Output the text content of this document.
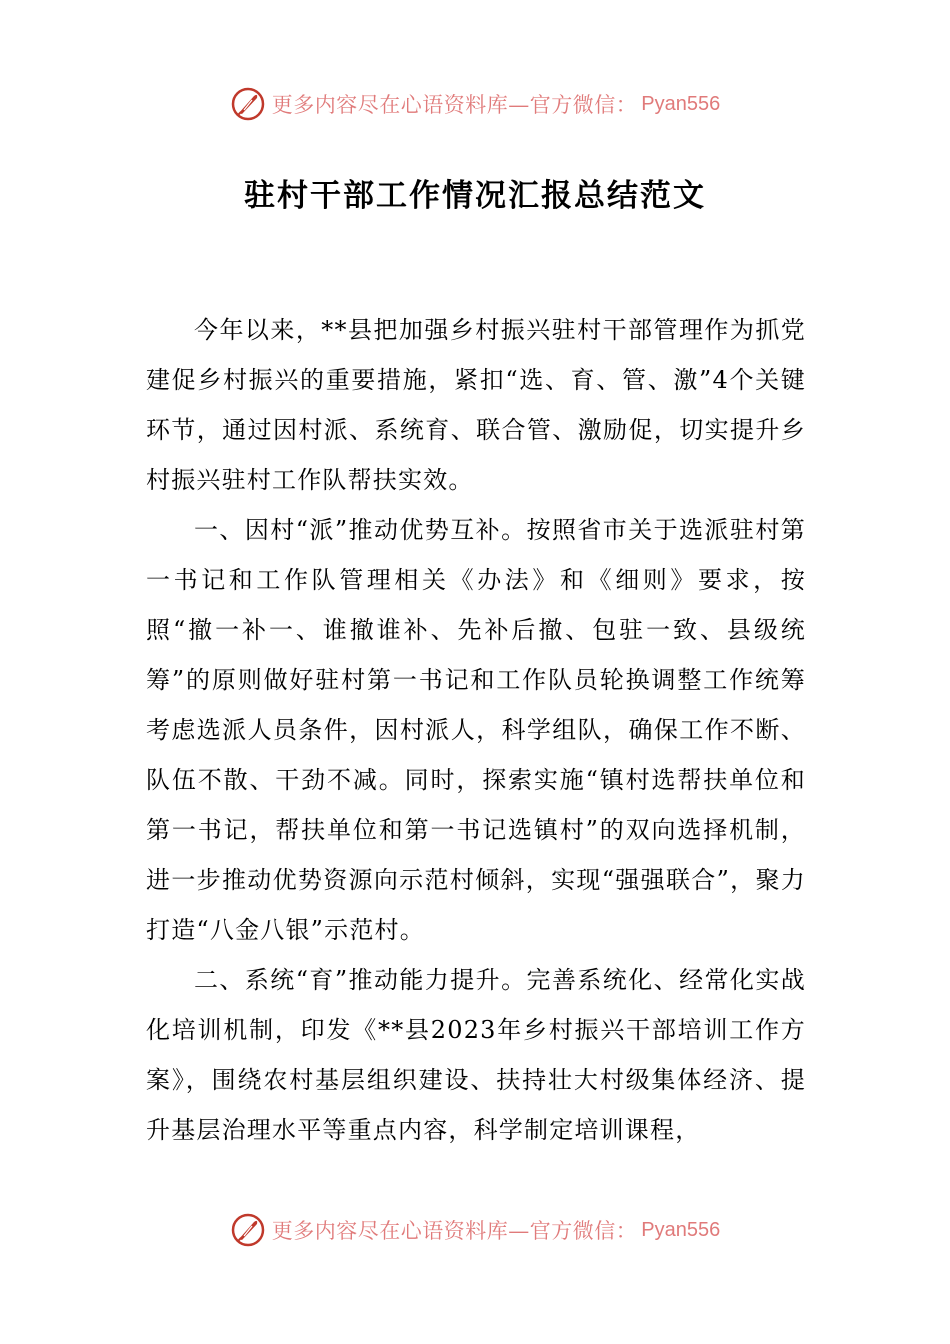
更多内容尽在心语资料库—官方微信： Pyan556
驻村干部工作情况汇报总结范文

今年以来，**县把加强乡村振兴驻村干部管理作为抓党建促乡村振兴的重要措施，紧扣“选、育、管、激”4个关键环节，通过因村派、系统育、联合管、激励促，切实提升乡村振兴驻村工作队帮扶实效。

一、因村“派”推动优势互补。按照省市关于选派驻村第一书记和工作队管理相关《办法》和《细则》要求，按照“撤一补一、谁撤谁补、先补后撤、包驻一致、县级统筹”的原则做好驻村第一书记和工作队员轮换调整工作统筹考虑选派人员条件，因村派人，科学组队，确保工作不断、队伍不散、干劲不减。同时，探索实施“镇村选帮扶单位和第一书记，帮扶单位和第一书记选镇村”的双向选择机制，进一步推动优势资源向示范村倾斜，实现“强强联合”，聚力打造“八金八银”示范村。

二、系统“育”推动能力提升。完善系统化、经常化实战化培训机制，印发《**县2023年乡村振兴干部培训工作方案》，围绕农村基层组织建设、扶持壮大村级集体经济、提升基层治理水平等重点内容，科学制定培训课程，

更多内容尽在心语资料库—官方微信： Pyan556
